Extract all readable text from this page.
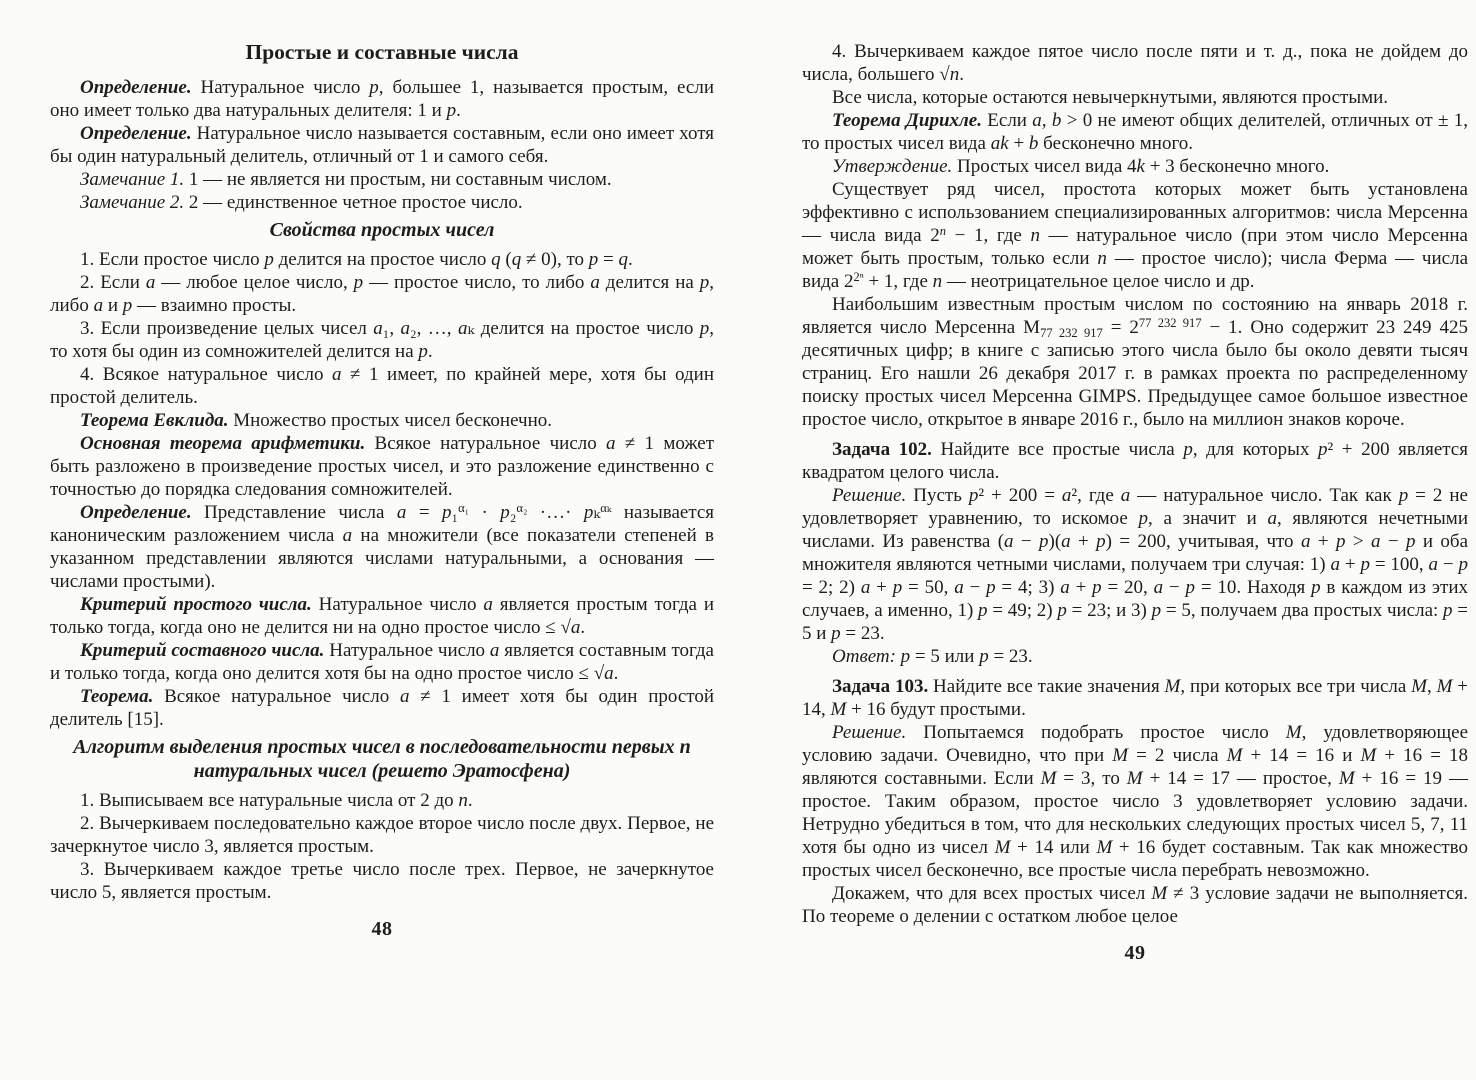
Простые и составные числа

Определение. Натуральное число p, большее 1, называется простым, если оно имеет только два натуральных делителя: 1 и p.

Определение. Натуральное число называется составным, если оно имеет хотя бы один натуральный делитель, отличный от 1 и самого себя.

Замечание 1. 1 — не является ни простым, ни составным числом.

Замечание 2. 2 — единственное четное простое число.

Свойства простых чисел

1. Если простое число p делится на простое число q (q ≠ 0), то p = q.

2. Если a — любое целое число, p — простое число, то либо a делится на p, либо a и p — взаимно просты.

3. Если произведение целых чисел a₁, a₂, …, aₖ делится на простое число p, то хотя бы один из сомножителей делится на p.

4. Всякое натуральное число a ≠ 1 имеет, по крайней мере, хотя бы один простой делитель.

Теорема Евклида. Множество простых чисел бесконечно.

Основная теорема арифметики. Всякое натуральное число a ≠ 1 может быть разложено в произведение простых чисел, и это разложение единственно с точностью до порядка следования сомножителей.

Определение. Представление числа a = p₁$^{\alpha_1}$ · p₂$^{\alpha_2}$ ·…· pₖ$^{\alpha_k}$ называется каноническим разложением числа a на множители (все показатели степеней в указанном представлении являются числами натуральными, а основания — числами простыми).

Критерий простого числа. Натуральное число a является простым тогда и только тогда, когда оно не делится ни на одно простое число ≤ √a.

Критерий составного числа. Натуральное число a является составным тогда и только тогда, когда оно делится хотя бы на одно простое число ≤ √a.

Теорема. Всякое натуральное число a ≠ 1 имеет хотя бы один простой делитель [15].

Алгоритм выделения простых чисел в последовательности первых n натуральных чисел (решето Эратосфена)

1. Выписываем все натуральные числа от 2 до n.

2. Вычеркиваем последовательно каждое второе число после двух. Первое, не зачеркнутое число 3, является простым.

3. Вычеркиваем каждое третье число после трех. Первое, не зачеркнутое число 5, является простым.

48

4. Вычеркиваем каждое пятое число после пяти и т. д., пока не дойдем до числа, большего √n.

Все числа, которые остаются невычеркнутыми, являются простыми.

Теорема Дирихле. Если a, b > 0 не имеют общих делителей, отличных от ± 1, то простых чисел вида ak + b бесконечно много.

Утверждение. Простых чисел вида 4k + 3 бесконечно много.

Существует ряд чисел, простота которых может быть установлена эффективно с использованием специализированных алгоритмов: числа Мерсенна — числа вида $2^n - 1$, где n — натуральное число (при этом число Мерсенна может быть простым, только если n — простое число); числа Ферма — числа вида $2^{2^n} + 1$, где n — неотрицательное целое число и др.

Наибольшим известным простым числом по состоянию на январь 2018 г. является число Мерсенна $M_{77 232 917} = 2^{77 232 917} - 1$. Оно содержит 23 249 425 десятичных цифр; в книге с записью этого числа было бы около девяти тысяч страниц. Его нашли 26 декабря 2017 г. в рамках проекта по распределенному поиску простых чисел Мерсенна GIMPS. Предыдущее самое большое известное простое число, открытое в январе 2016 г., было на миллион знаков короче.

Задача 102. Найдите все простые числа p, для которых p² + 200 является квадратом целого числа.

Решение. Пусть p² + 200 = a², где a — натуральное число. Так как p = 2 не удовлетворяет уравнению, то искомое p, а значит и a, являются нечетными числами. Из равенства (a − p)(a + p) = 200, учитывая, что a + p > a − p и оба множителя являются четными числами, получаем три случая: 1) a + p = 100, a − p = 2; 2) a + p = 50, a − p = 4; 3) a + p = 20, a − p = 10. Находя p в каждом из этих случаев, а именно, 1) p = 49; 2) p = 23; и 3) p = 5, получаем два простых числа: p = 5 и p = 23.

Ответ: p = 5 или p = 23.

Задача 103. Найдите все такие значения M, при которых все три числа M, M + 14, M + 16 будут простыми.

Решение. Попытаемся подобрать простое число M, удовлетворяющее условию задачи. Очевидно, что при M = 2 числа M + 14 = 16 и M + 16 = 18 являются составными. Если M = 3, то M + 14 = 17 — простое, M + 16 = 19 — простое. Таким образом, простое число 3 удовлетворяет условию задачи. Нетрудно убедиться в том, что для нескольких следующих простых чисел 5, 7, 11 хотя бы одно из чисел M + 14 или M + 16 будет составным. Так как множество простых чисел бесконечно, все простые числа перебрать невозможно.

Докажем, что для всех простых чисел M ≠ 3 условие задачи не выполняется. По теореме о делении с остатком любое целое

49
